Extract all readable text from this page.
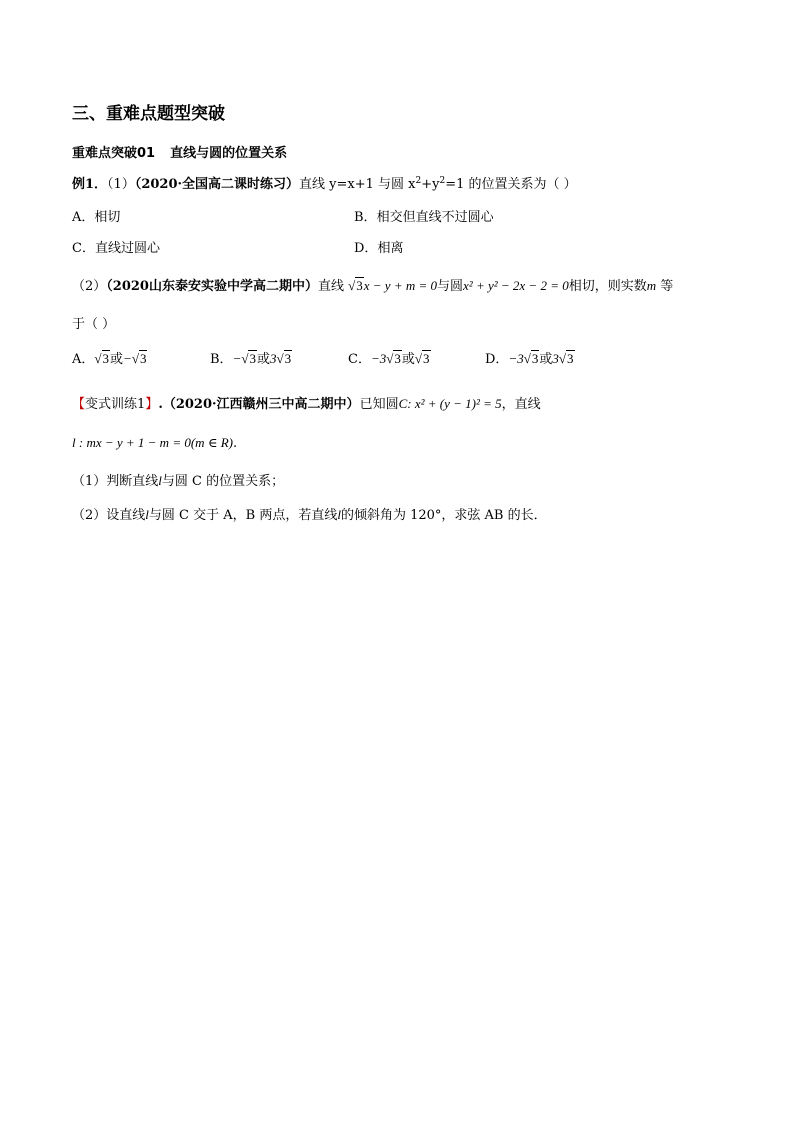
三、重难点题型突破
重难点突破01 直线与圆的位置关系
例1．（1）（2020·全国高二课时练习）直线 y=x+1 与圆 $x^2+y^2=1$ 的位置关系为（ ）
A．相切	B．相交但直线不过圆心
C．直线过圆心	D．相离
（2）（2020山东泰安实验中学高二期中）直线 √3x − y + m = 0与圆x² + y² − 2x − 2 = 0相切，则实数m 等
于（ ）
A．√3或−√3	B．−√3或3√3	C．−3√3或√3	D．−3√3或3√3
【变式训练1】.（2020·江西赣州三中高二期中）已知圆C: x² + (y − 1)² = 5，直线
l : mx − y + 1 − m = 0(m ∈ R).
（1）判断直线l与圆 C 的位置关系；
（2）设直线l与圆 C 交于 A，B 两点，若直线l的倾斜角为 120°，求弦 AB 的长．
